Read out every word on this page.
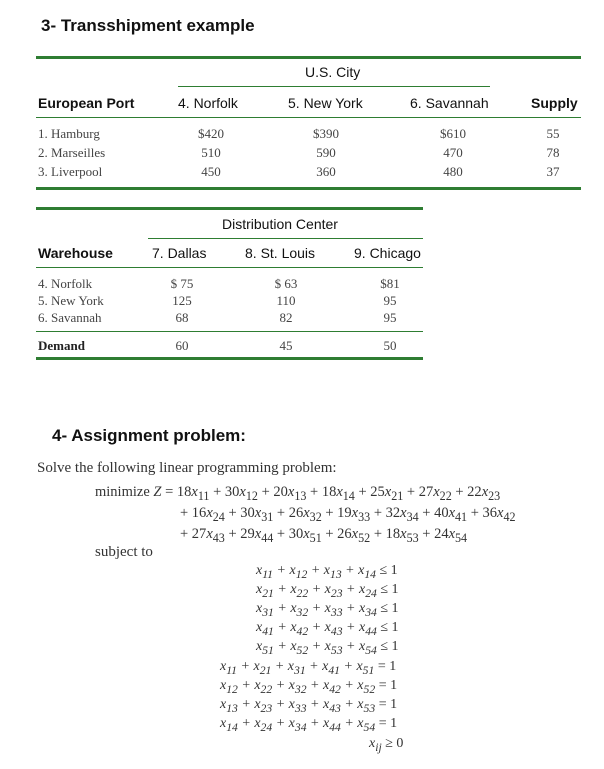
3- Transshipment example
U.S. City
European Port	4. Norfolk	5. New York	6. Savannah	Supply
1. Hamburg	$420	$390	$610	55
2. Marseilles	510	590	470	78
3. Liverpool	450	360	480	37
Distribution Center
Warehouse	7. Dallas	8. St. Louis	9. Chicago
4. Norfolk	$ 75	$ 63	$81
5. New York	125	110	95
6. Savannah	68	82	95
Demand	60	45	50
4- Assignment problem:
Solve the following linear programming problem:
minimize $Z = 18x_{11} + 30x_{12} + 20x_{13} + 18x_{14} + 25x_{21} + 27x_{22} + 22x_{23}$
+ $16x_{24} + 30x_{31} + 26x_{32} + 19x_{33} + 32x_{34} + 40x_{41} + 36x_{42}$
+ $27x_{43} + 29x_{44} + 30x_{51} + 26x_{52} + 18x_{53} + 24x_{54}$
subject to
$x_{11} + x_{12} + x_{13} + x_{14} \le 1$
$x_{21} + x_{22} + x_{23} + x_{24} \le 1$
$x_{31} + x_{32} + x_{33} + x_{34} \le 1$
$x_{41} + x_{42} + x_{43} + x_{44} \le 1$
$x_{51} + x_{52} + x_{53} + x_{54} \le 1$
$x_{11} + x_{21} + x_{31} + x_{41} + x_{51} = 1$
$x_{12} + x_{22} + x_{32} + x_{42} + x_{52} = 1$
$x_{13} + x_{23} + x_{33} + x_{43} + x_{53} = 1$
$x_{14} + x_{24} + x_{34} + x_{44} + x_{54} = 1$
$x_{ij} \ge 0$
